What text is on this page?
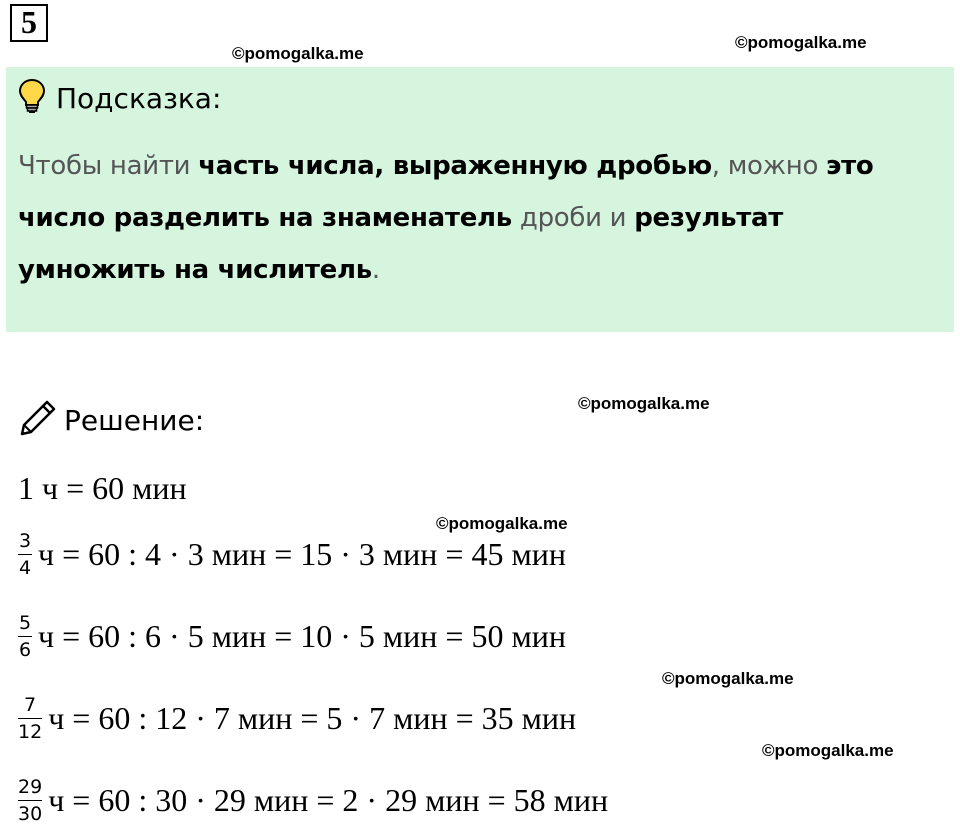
5
©pomogalka.me
©pomogalka.me
©pomogalka.me
©pomogalka.me
©pomogalka.me
©pomogalka.me
Подсказка:
Чтобы найти часть числа, выраженную дробью, можно это число разделить на знаменатель дроби и результат умножить на числитель.
Решение:
1 ч = 60 мин
$\frac{3}{4}$ ч = 60 : 4 · 3 мин = 15 · 3 мин = 45 мин
$\frac{5}{6}$ ч = 60 : 6 · 5 мин = 10 · 5 мин = 50 мин
$\frac{7}{12}$ ч = 60 : 12 · 7 мин = 5 · 7 мин = 35 мин
$\frac{29}{30}$ ч = 60 : 30 · 29 мин = 2 · 29 мин = 58 мин
